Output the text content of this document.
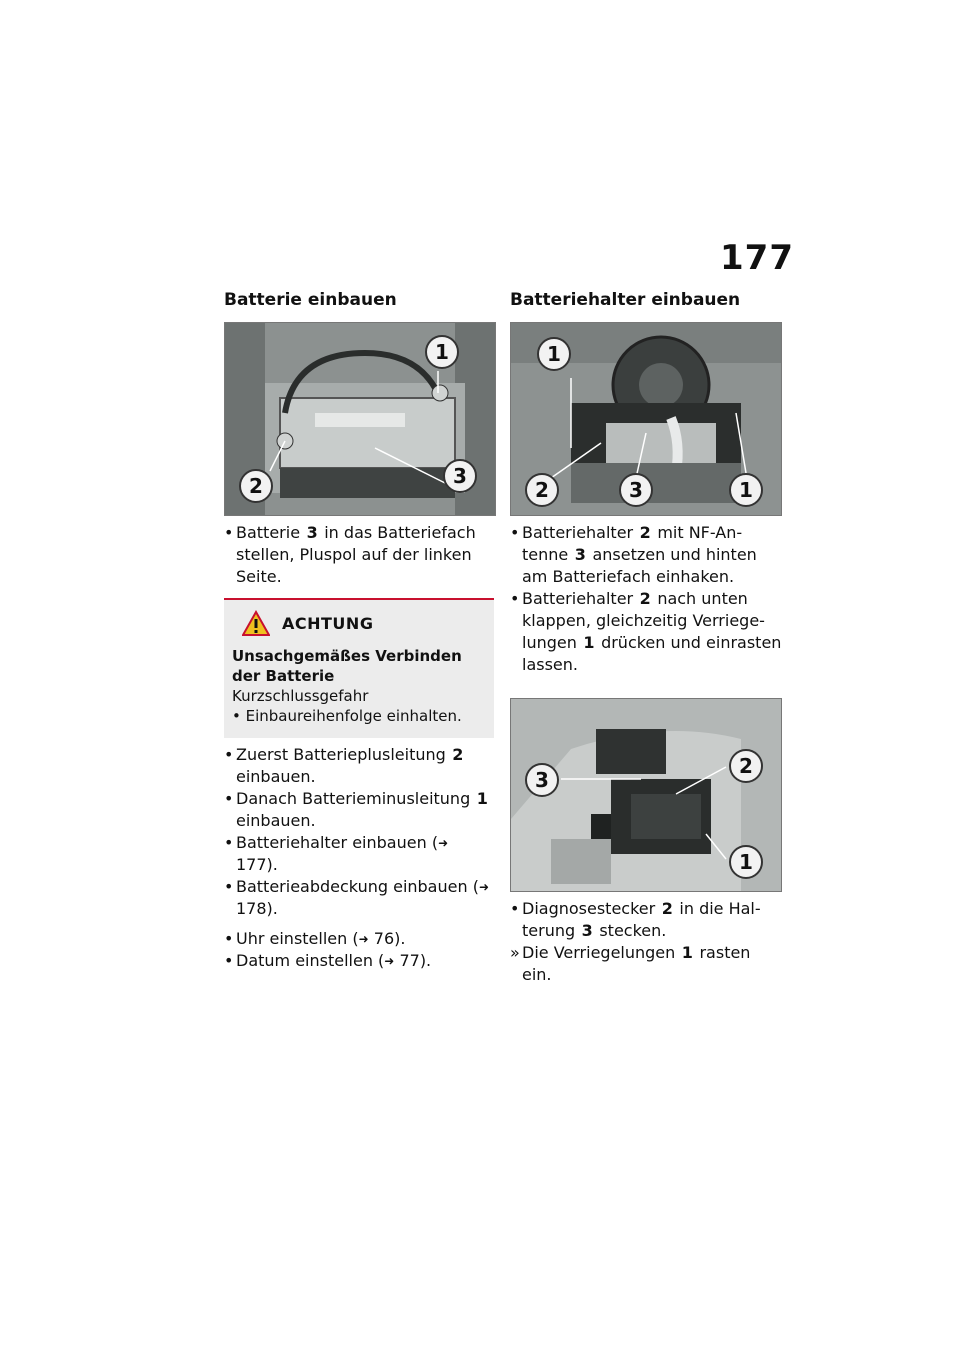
177
Batterie einbauen
1
2	3

• Batterie 3 in das Batteriefach stellen, Pluspol auf der linken Seite.

ACHTUNG
Unsachgemäßes Verbinden der Batterie
Kurzschlussgefahr
• Einbaureihenfolge einhalten.

• Zuerst Batterieplusleitung 2 einbauen.

• Danach Batterieminusleitung 1 einbauen.

• Batteriehalter einbauen (➜ 177).

• Batterieabdeckung einbauen (➜ 178).

• Uhr einstellen (➜ 76).

• Datum einstellen (➜ 77).

Batteriehalter einbauen
1
2	3	1

• Batteriehalter 2 mit NF-Antenne 3 ansetzen und hinten am Batteriefach einhaken.

• Batteriehalter 2 nach unten klappen, gleichzeitig Verriegelungen 1 drücken und einrasten lassen.

3
2
1

• Diagnosestecker 2 in die Halterung 3 stecken.

» Die Verriegelungen 1 rasten ein.
